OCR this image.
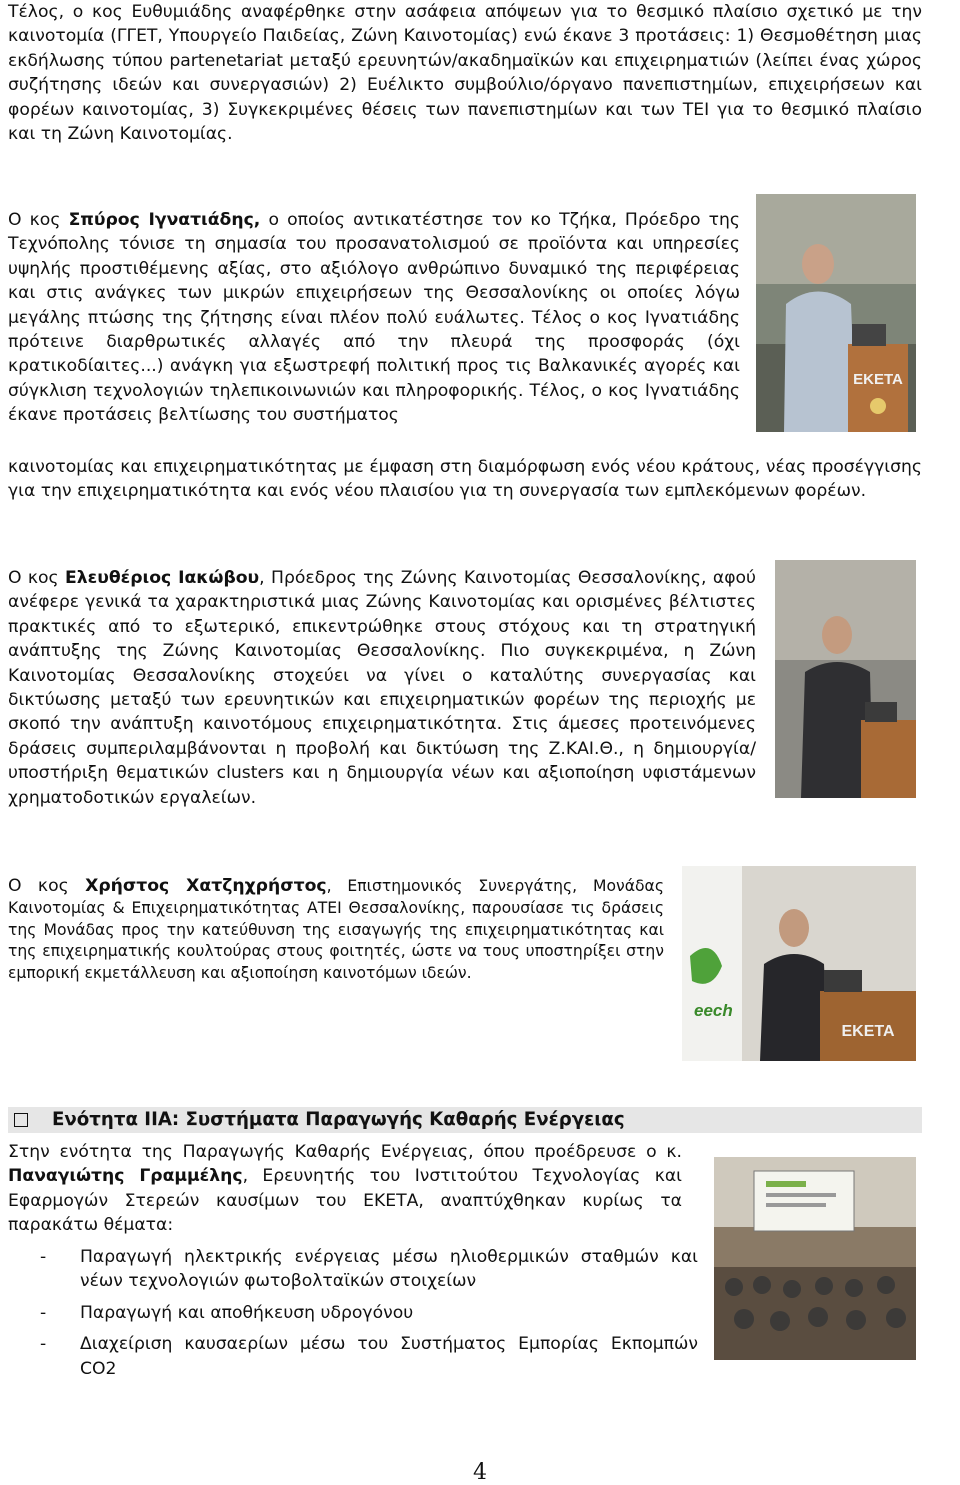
Τέλος, ο κος Ευθυμιάδης αναφέρθηκε στην ασάφεια απόψεων για το θεσμικό πλαίσιο σχετικό με την καινοτομία (ΓΓΕΤ, Υπουργείο Παιδείας, Ζώνη Καινοτομίας) ενώ έκανε 3 προτάσεις: 1) Θεσμοθέτηση μιας εκδήλωσης τύπου partenetariat μεταξύ ερευνητών/ακαδημαϊκών και επιχειρηματιών (λείπει ένας χώρος συζήτησης ιδεών και συνεργασιών) 2) Ευέλικτο συμβούλιο/όργανο πανεπιστημίων, επιχειρήσεων και φορέων καινοτομίας, 3) Συγκεκριμένες θέσεις των πανεπιστημίων και των ΤΕΙ για το θεσμικό πλαίσιο και τη Ζώνη Καινοτομίας.

Ο κος Σπύρος Ιγνατιάδης, ο οποίος αντικατέστησε τον κο Τζήκα, Πρόεδρο της Τεχνόπολης τόνισε τη σημασία του προσανατολισμού σε προϊόντα και υπηρεσίες υψηλής προστιθέμενης αξίας, στο αξιόλογο ανθρώπινο δυναμικό της περιφέρειας και στις ανάγκες των μικρών επιχειρήσεων της Θεσσαλονίκης οι οποίες λόγω μεγάλης πτώσης της ζήτησης είναι πλέον πολύ ευάλωτες. Τέλος ο κος Ιγνατιάδης πρότεινε διαρθρωτικές αλλαγές από την πλευρά της προσφοράς (όχι κρατικοδίαιτες...) ανάγκη για εξωστρεφή πολιτική προς τις Βαλκανικές αγορές και σύγκλιση τεχνολογιών τηλεπικοινωνιών και πληροφορικής. Τέλος, ο κος Ιγνατιάδης έκανε προτάσεις βελτίωσης του συστήματος

καινοτομίας και επιχειρηματικότητας με έμφαση στη διαμόρφωση ενός νέου κράτους, νέας προσέγγισης για την επιχειρηματικότητα και ενός νέου πλαισίου για τη συνεργασία των εμπλεκόμενων φορέων.

ΕΚΕΤΑ

Ο κος Ελευθέριος Ιακώβου, Πρόεδρος της Ζώνης Καινοτομίας Θεσσαλονίκης, αφού ανέφερε γενικά τα χαρακτηριστικά μιας Ζώνης Καινοτομίας και ορισμένες βέλτιστες πρακτικές από το εξωτερικό, επικεντρώθηκε στους στόχους και τη στρατηγική ανάπτυξης της Ζώνης Καινοτομίας Θεσσαλονίκης. Πιο συγκεκριμένα, η Ζώνη Καινοτομίας Θεσσαλονίκης στοχεύει να γίνει ο καταλύτης συνεργασίας και δικτύωσης μεταξύ των ερευνητικών και επιχειρηματικών φορέων της περιοχής με σκοπό την ανάπτυξη καινοτόμους επιχειρηματικότητα. Στις άμεσες προτεινόμενες δράσεις συμπεριλαμβάνονται η προβολή και δικτύωση της Ζ.ΚΑΙ.Θ., η δημιουργία/υποστήριξη θεματικών clusters και η δημιουργία νέων και αξιοποίηση υφιστάμενων χρηματοδοτικών εργαλείων.

Ο κος Χρήστος Χατζηχρήστος, Επιστημονικός Συνεργάτης, Μονάδας Καινοτομίας & Επιχειρηματικότητας ΑΤΕΙ Θεσσαλονίκης, παρουσίασε τις δράσεις της Μονάδας προς την κατεύθυνση της εισαγωγής της επιχειρηματικότητας και της επιχειρηματικής κουλτούρας στους φοιτητές, ώστε να τους υποστηρίξει στην εμπορική εκμετάλλευση και αξιοποίηση καινοτόμων ιδεών.

eech
ΕΚΕΤΑ
Ενότητα ΙΙΑ: Συστήματα Παραγωγής Καθαρής Ενέργειας

Στην ενότητα της Παραγωγής Καθαρής Ενέργειας, όπου προέδρευσε ο κ. Παναγιώτης Γραμμέλης, Ερευνητής του Ινστιτούτου Τεχνολογίας και Εφαρμογών Στερεών καυσίμων του ΕΚΕΤΑ, αναπτύχθηκαν κυρίως τα παρακάτω θέματα:

- Παραγωγή ηλεκτρικής ενέργειας μέσω ηλιοθερμικών σταθμών και νέων τεχνολογιών φωτοβολταϊκών στοιχείων
- Παραγωγή και αποθήκευση υδρογόνου
- Διαχείριση καυσαερίων μέσω του Συστήματος Εμπορίας Εκπομπών CO2
4
